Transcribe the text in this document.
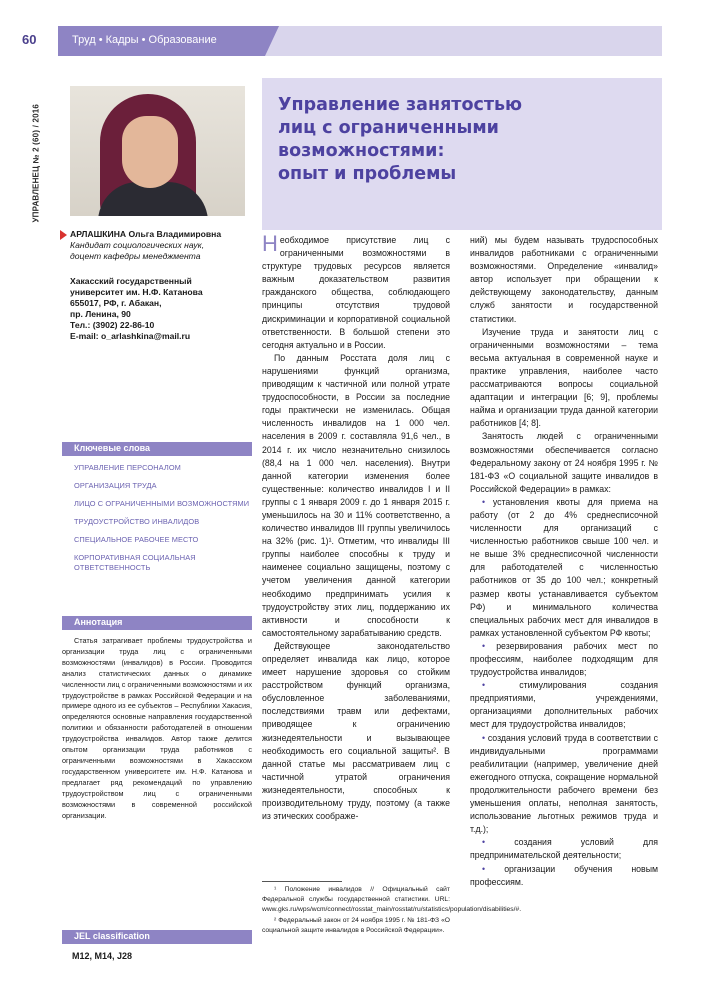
60	Труд • Кадры • Образование
УПРАВЛЕНЕЦ № 2 (60) / 2016	Управление занятостью
лиц с ограниченными возможностями:
опыт и проблемы
АРЛАШКИНА Ольга Владимировна
Кандидат социологических наук,
доцент кафедры менеджмента
Хакасский государственный
университет им. Н.Ф. Катанова
655017, РФ, г. Абакан,
пр. Ленина, 90
Тел.: (3902) 22-86-10
E-mail: o_arlashkina@mail.ru
Ключевые слова
УПРАВЛЕНИЕ ПЕРСОНАЛОМ
ОРГАНИЗАЦИЯ ТРУДА
ЛИЦО С ОГРАНИЧЕННЫМИ ВОЗМОЖНОСТЯМИ
ТРУДОУСТРОЙСТВО ИНВАЛИДОВ
СПЕЦИАЛЬНОЕ РАБОЧЕЕ МЕСТО
КОРПОРАТИВНАЯ СОЦИАЛЬНАЯ ОТВЕТСТВЕННОСТЬ
Аннотация

Статья затрагивает проблемы трудоустройства и организации труда лиц с ограниченными возможностями (инвалидов) в России. Проводится анализ статистических данных о динамике численности лиц с ограниченными возможностями и их трудоустройстве в рамках Российской Федерации и на примере одного из ее субъектов – Республики Хакасия, определяются основные направления государственной политики и обязанности работодателей в отношении трудоустройства инвалидов. Автор также делится опытом организации труда работников с ограниченными возможностями в Хакасском государственном университете им. Н.Ф. Катанова и предлагает ряд рекомендаций по управлению трудоустройством лиц с ограниченными возможностями в современной российской организации.

JEL classification
M12, M14, J28

Необходимое присутствие лиц с ограниченными возможностями в структуре трудовых ресурсов является важным доказательством развития гражданского общества, соблюдающего принципы отсутствия трудовой дискриминации и корпоративной социальной ответственности. В большой степени это сегодня актуально и в России.

По данным Росстата доля лиц с нарушениями функций организма, приводящим к частичной или полной утрате трудоспособности, в России за последние годы практически не изменилась. Общая численность инвалидов на 1 000 чел. населения в 2009 г. составляла 91,6 чел., в 2014 г. их число незначительно снизилось (88,4 на 1 000 чел. населения). Внутри данной категории изменения более существенные: количество инвалидов I и II группы с 1 января 2009 г. до 1 января 2015 г. уменьшилось на 30 и 11% соответственно, а количество инвалидов III группы увеличилось на 32% (рис. 1)¹. Отметим, что инвалиды III группы наиболее способны к труду и наименее социально защищены, поэтому с учетом увеличения данной категории необходимо предпринимать усилия к трудоустройству этих лиц, поддержанию их активности и способности к самостоятельному зарабатыванию средств.

Действующее законодательство определяет инвалида как лицо, которое имеет нарушение здоровья со стойким расстройством функций организма, обусловленное заболеваниями, последствиями травм или дефектами, приводящее к ограничению жизнедеятельности и вызывающее необходимость его социальной защиты². В данной статье мы рассматриваем лиц с частичной утратой ограничения жизнедеятельности, способных к производительному труду, поэтому (а также из этических соображе-

¹ Положение инвалидов // Официальный сайт Федеральной службы государственной статистики. URL: www.gks.ru/wps/wcm/connect/rosstat_main/rosstat/ru/statistics/population/disabilities/#.

² Федеральный закон от 24 ноября 1995 г. № 181-ФЗ «О социальной защите инвалидов в Российской Федерации».

ний) мы будем называть трудоспособных инвалидов работниками с ограниченными возможностями. Определение «инвалид» автор использует при обращении к действующему законодательству, данным служб занятости и государственной статистики.

Изучение труда и занятости лиц с ограниченными возможностями – тема весьма актуальная в современной науке и практике управления, наиболее часто рассматриваются вопросы социальной адаптации и интеграции [6; 9], проблемы найма и организации труда данной категории работников [4; 8].

Занятость людей с ограниченными возможностями обеспечивается согласно Федеральному закону от 24 ноября 1995 г. № 181-ФЗ «О социальной защите инвалидов в Российской Федерации» в рамках:

• установления квоты для приема на работу (от 2 до 4% среднесписочной численности для организаций с численностью работников свыше 100 чел. и не выше 3% среднесписочной численности для работодателей с численностью работников от 35 до 100 чел.; конкретный размер квоты устанавливается субъектом РФ) и минимального количества специальных рабочих мест для инвалидов в рамках установленной субъектом РФ квоты;

• резервирования рабочих мест по профессиям, наиболее подходящим для трудоустройства инвалидов;

• стимулирования создания предприятиями, учреждениями, организациями дополнительных рабочих мест для трудоустройства инвалидов;

• создания условий труда в соответствии с индивидуальными программами реабилитации (например, увеличение дней ежегодного отпуска, сокращение нормальной продолжительности рабочего времени без уменьшения оплаты, неполная занятость, использование льготных режимов труда и т.д.);

• создания условий для предпринимательской деятельности;

• организации обучения новым профессиям.
